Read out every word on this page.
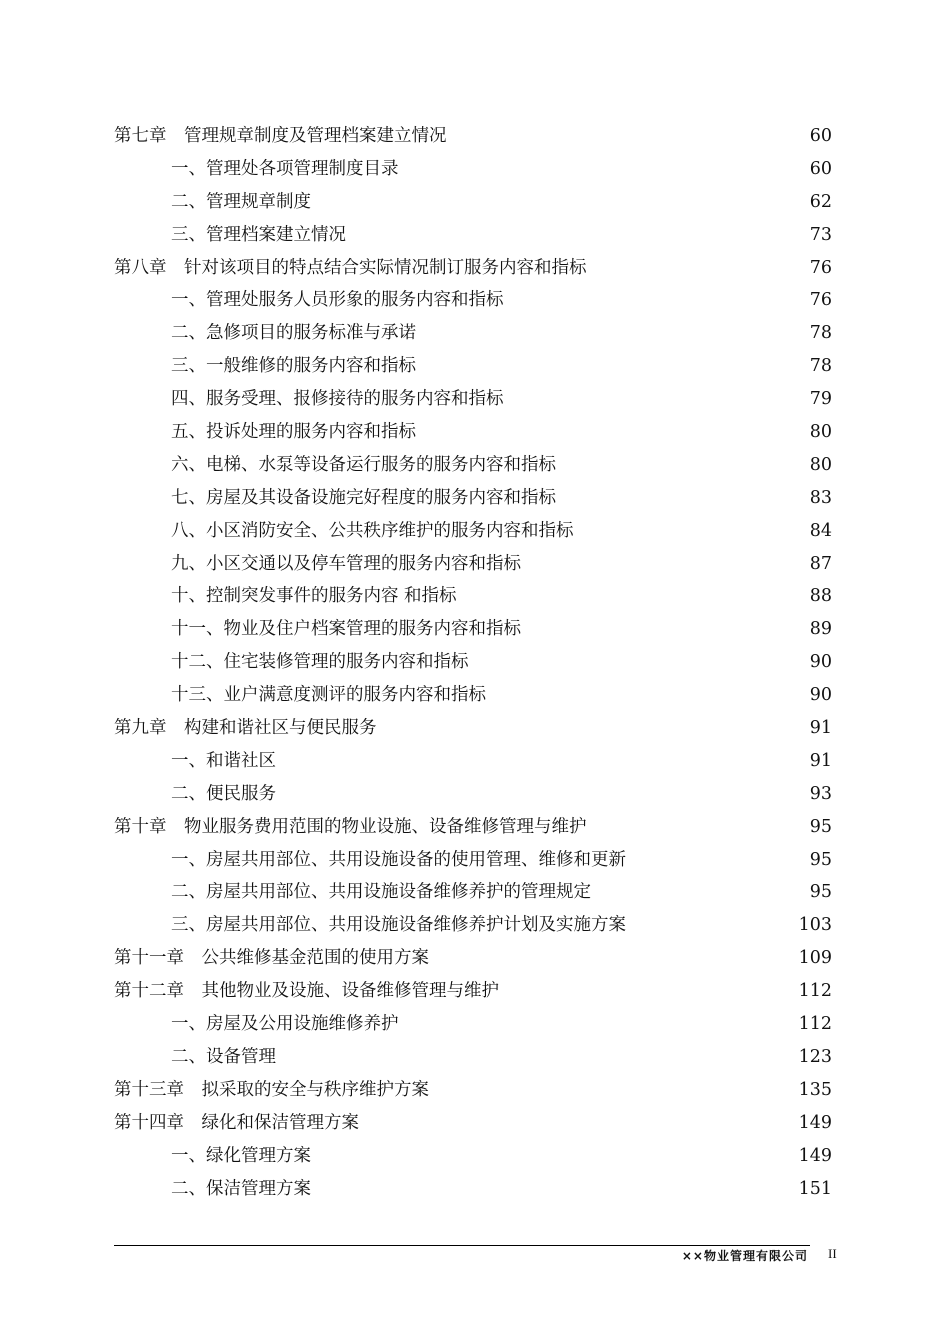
第七章　管理规章制度及管理档案建立情况	60
一、管理处各项管理制度目录	60
二、管理规章制度	62
三、管理档案建立情况	73
第八章　针对该项目的特点结合实际情况制订服务内容和指标	76
一、管理处服务人员形象的服务内容和指标	76
二、急修项目的服务标准与承诺	78
三、一般维修的服务内容和指标	78
四、服务受理、报修接待的服务内容和指标	79
五、投诉处理的服务内容和指标	80
六、电梯、水泵等设备运行服务的服务内容和指标	80
七、房屋及其设备设施完好程度的服务内容和指标	83
八、小区消防安全、公共秩序维护的服务内容和指标	84
九、小区交通以及停车管理的服务内容和指标	87
十、控制突发事件的服务内容 和指标	88
十一、物业及住户档案管理的服务内容和指标	89
十二、住宅装修管理的服务内容和指标	90
十三、业户满意度测评的服务内容和指标	90
第九章　构建和谐社区与便民服务	91
一、和谐社区	91
二、便民服务	93
第十章　物业服务费用范围的物业设施、设备维修管理与维护	95
一、房屋共用部位、共用设施设备的使用管理、维修和更新	95
二、房屋共用部位、共用设施设备维修养护的管理规定	95
三、房屋共用部位、共用设施设备维修养护计划及实施方案	103
第十一章　公共维修基金范围的使用方案	109
第十二章　其他物业及设施、设备维修管理与维护	112
一、房屋及公用设施维修养护	112
二、设备管理	123
第十三章　拟采取的安全与秩序维护方案	135
第十四章　绿化和保洁管理方案	149
一、绿化管理方案	149
二、保洁管理方案	151
××物业管理有限公司 II
